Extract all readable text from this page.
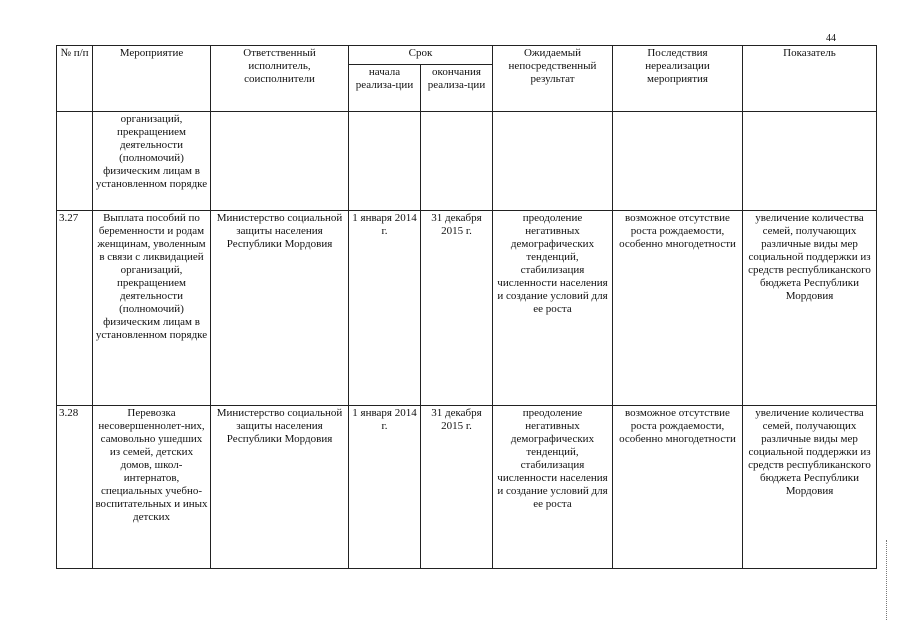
44
№ п/п	Мероприятие	Ответственный исполнитель, соисполнители	Срок		Ожидаемый непосредственный результат	Последствия нереализации мероприятия	Показатель
			начала реализа-ции	окончания реализа-ции			
	организаций, прекращением деятельности (полномочий) физическим лицам в установленном порядке						
3.27	Выплата пособий по беременности и родам женщинам, уволенным в связи с ликвидацией организаций, прекращением деятельности (полномочий) физическим лицам в установленном порядке	Министерство социальной защиты населения Республики Мордовия	1 января 2014 г.	31 декабря 2015 г.	преодоление негативных демографических тенденций, стабилизация численности населения и создание условий для ее роста	возможное отсутствие роста рождаемости, особенно многодетности	увеличение количества семей, получающих различные виды мер социальной поддержки из средств республиканского бюджета Республики Мордовия
3.28	Перевозка несовершеннолет-них, самовольно ушедших из семей, детских домов, школ-интернатов, специальных учебно-воспитательных и иных детских	Министерство социальной защиты населения Республики Мордовия	1 января 2014 г.	31 декабря 2015 г.	преодоление негативных демографических тенденций, стабилизация численности населения и создание условий для ее роста	возможное отсутствие роста рождаемости, особенно многодетности	увеличение количества семей, получающих различные виды мер социальной поддержки из средств республиканского бюджета Республики Мордовия
